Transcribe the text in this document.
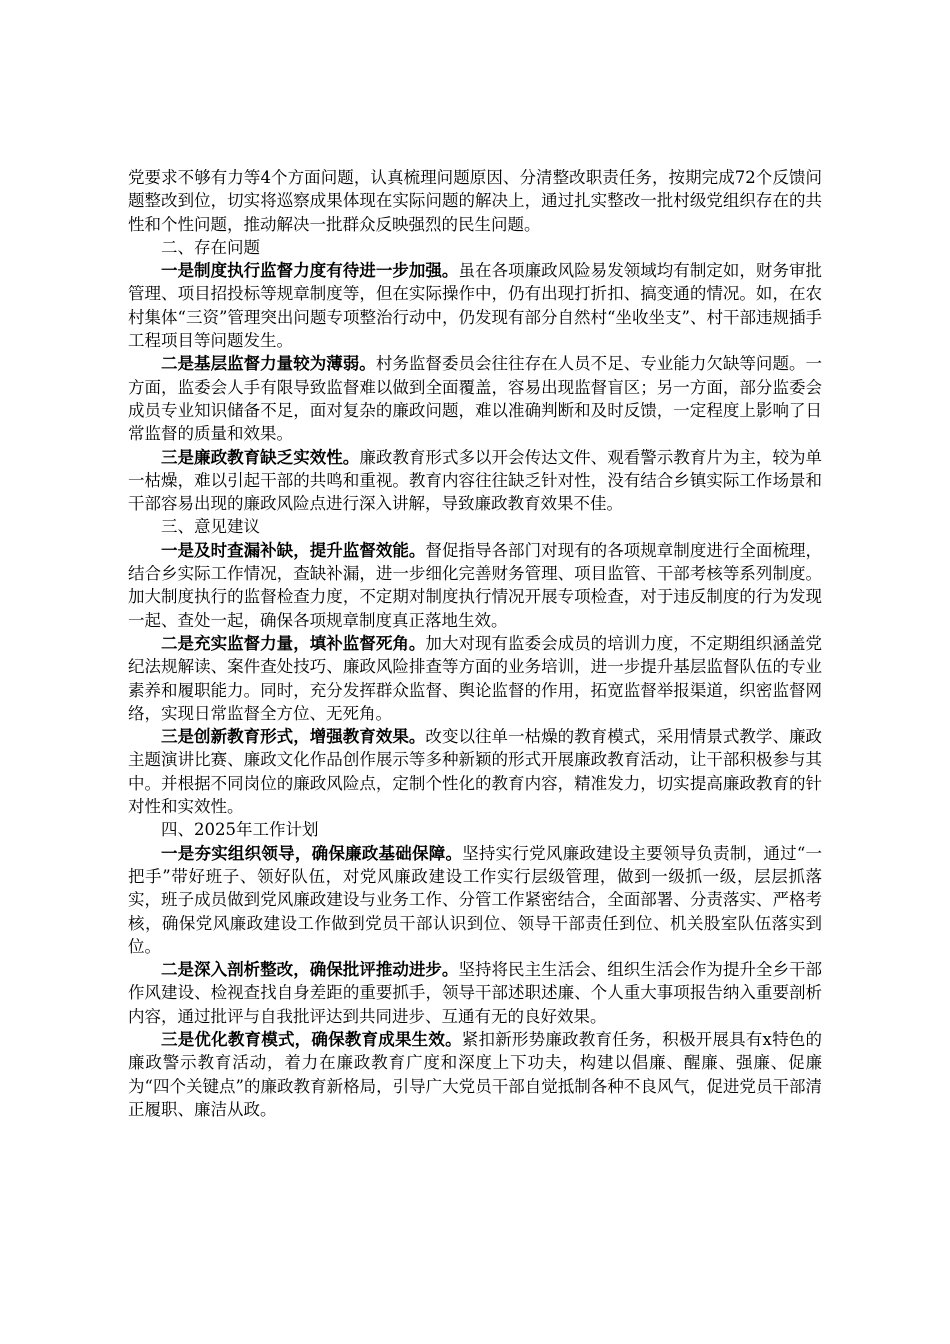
党要求不够有力等4个方面问题，认真梳理问题原因、分清整改职责任务，按期完成72个反馈问题整改到位，切实将巡察成果体现在实际问题的解决上，通过扎实整改一批村级党组织存在的共性和个性问题，推动解决一批群众反映强烈的民生问题。

二、存在问题

一是制度执行监督力度有待进一步加强。虽在各项廉政风险易发领域均有制定如，财务审批管理、项目招投标等规章制度等，但在实际操作中，仍有出现打折扣、搞变通的情况。如，在农村集体“三资”管理突出问题专项整治行动中，仍发现有部分自然村“坐收坐支”、村干部违规插手工程项目等问题发生。

二是基层监督力量较为薄弱。村务监督委员会往往存在人员不足、专业能力欠缺等问题。一方面，监委会人手有限导致监督难以做到全面覆盖，容易出现监督盲区；另一方面，部分监委会成员专业知识储备不足，面对复杂的廉政问题，难以准确判断和及时反馈，一定程度上影响了日常监督的质量和效果。

三是廉政教育缺乏实效性。廉政教育形式多以开会传达文件、观看警示教育片为主，较为单一枯燥，难以引起干部的共鸣和重视。教育内容往往缺乏针对性，没有结合乡镇实际工作场景和干部容易出现的廉政风险点进行深入讲解，导致廉政教育效果不佳。

三、意见建议

一是及时查漏补缺，提升监督效能。督促指导各部门对现有的各项规章制度进行全面梳理，结合乡实际工作情况，查缺补漏，进一步细化完善财务管理、项目监管、干部考核等系列制度。加大制度执行的监督检查力度，不定期对制度执行情况开展专项检查，对于违反制度的行为发现一起、查处一起，确保各项规章制度真正落地生效。

二是充实监督力量，填补监督死角。加大对现有监委会成员的培训力度，不定期组织涵盖党纪法规解读、案件查处技巧、廉政风险排查等方面的业务培训，进一步提升基层监督队伍的专业素养和履职能力。同时，充分发挥群众监督、舆论监督的作用，拓宽监督举报渠道，织密监督网络，实现日常监督全方位、无死角。

三是创新教育形式，增强教育效果。改变以往单一枯燥的教育模式，采用情景式教学、廉政主题演讲比赛、廉政文化作品创作展示等多种新颖的形式开展廉政教育活动，让干部积极参与其中。并根据不同岗位的廉政风险点，定制个性化的教育内容，精准发力，切实提高廉政教育的针对性和实效性。

四、2025年工作计划

一是夯实组织领导，确保廉政基础保障。坚持实行党风廉政建设主要领导负责制，通过“一把手”带好班子、领好队伍，对党风廉政建设工作实行层级管理，做到一级抓一级，层层抓落实，班子成员做到党风廉政建设与业务工作、分管工作紧密结合，全面部署、分责落实、严格考核，确保党风廉政建设工作做到党员干部认识到位、领导干部责任到位、机关股室队伍落实到位。

二是深入剖析整改，确保批评推动进步。坚持将民主生活会、组织生活会作为提升全乡干部作风建设、检视查找自身差距的重要抓手，领导干部述职述廉、个人重大事项报告纳入重要剖析内容，通过批评与自我批评达到共同进步、互通有无的良好效果。

三是优化教育模式，确保教育成果生效。紧扣新形势廉政教育任务，积极开展具有x特色的廉政警示教育活动，着力在廉政教育广度和深度上下功夫，构建以倡廉、醒廉、强廉、促廉为“四个关键点”的廉政教育新格局，引导广大党员干部自觉抵制各种不良风气，促进党员干部清正履职、廉洁从政。
